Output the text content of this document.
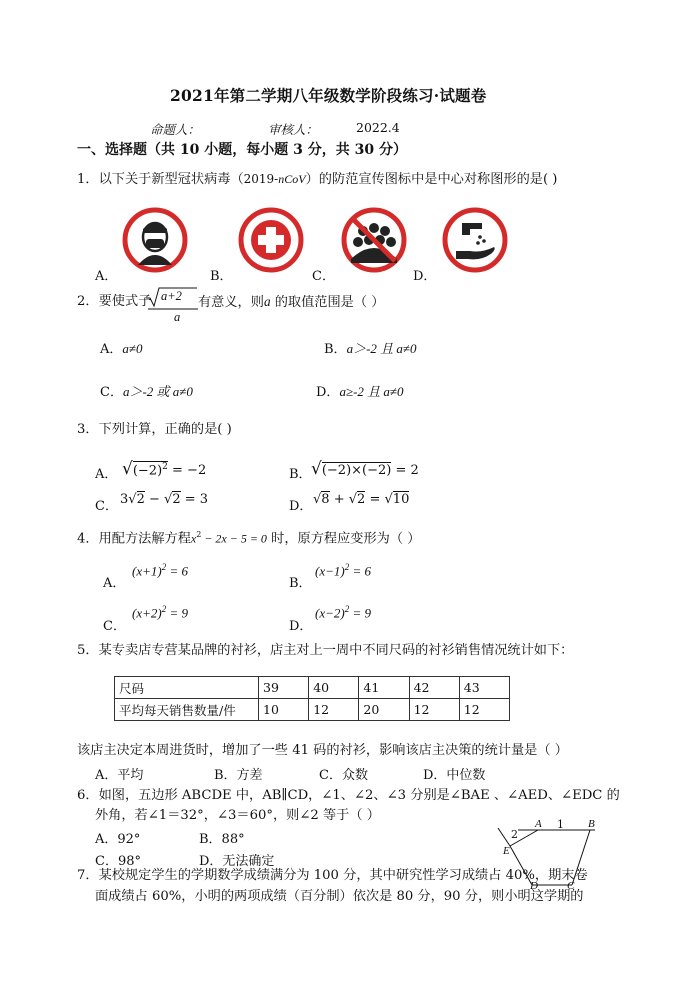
2021年第二学期八年级数学阶段练习·试题卷
命题人：	审核人：	2022.4
一、选择题（共 10 小题，每小题 3 分，共 30 分）
1．以下关于新型冠状病毒（2019-nCoV）的防范宣传图标中是中心对称图形的是( )
A．	B．	C．	D．
2．要使式子 a+2
a
有意义，则a 的取值范围是（ ）
A．a≠0	B．a＞-2 且 a≠0
C．a＞-2 或 a≠0	D．a≥-2 且 a≠0
3．下列计算，正确的是( )
A． $√(-2)^2 = -2$	B． √(−2)×(−2) = 2
C． 3√2 − √2 = 3	D． √8 + √2 = √10
4．用配方法解方程$x^2 - 2x - 5 = 0$ 时，原方程应变形为（ ）
A．
$(x+1)^2 = 6$
B．
$(x-1)^2 = 6$
C．
$(x+2)^2 = 9$
D．
$(x-2)^2 = 9$
5．某专卖店专营某品牌的衬衫，店主对上一周中不同尺码的衬衫销售情况统计如下：
尺码	39	40	41	42	43
平均每天销售数量/件	10	12	20	12	12
该店主决定本周进货时，增加了一些 41 码的衬衫，影响该店主决策的统计量是（ ）
A．平均	B．方差	C．众数	D．中位数
6．如图，五边形 ABCDE 中，AB∥CD，∠1、∠2、∠3 分别是∠BAE 、∠AED、∠EDC 的
外角，若∠1＝32°，∠3＝60°，则∠2 等于（ ）
A．92°	B．88°
C．98°	D．无法确定
A 1 B
2
E
D	C
7．某校规定学生的学期数学成绩满分为 100 分，其中研究性学习成绩占 40%，期末卷
面成绩占 60%，小明的两项成绩（百分制）依次是 80 分，90 分，则小明这学期的
